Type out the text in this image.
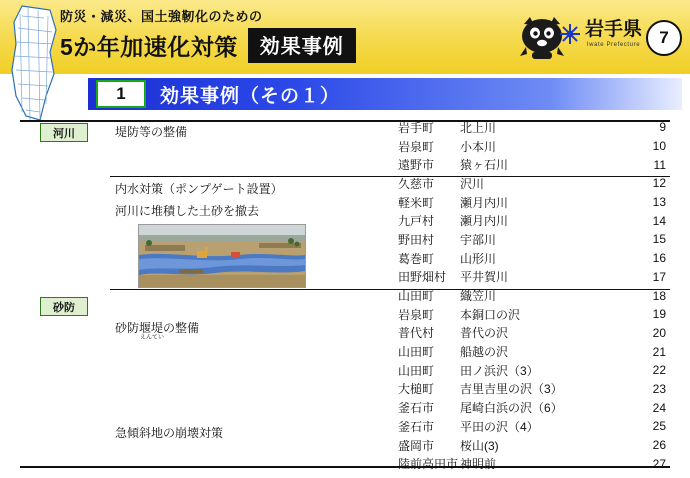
防災・減災、国土強靭化のための
5か年加速化対策	効果事例
岩手県
Iwate Prefecture	7
1	効果事例（その１）
河川
砂防
堤防等の整備
内水対策（ポンプゲート設置）
河川に堆積した土砂を撤去
砂防堰堤の整備
えんてい
急傾斜地の崩壊対策
岩手町	北上川	9
岩泉町	小本川	10
遠野市	猿ヶ石川	11
久慈市	沢川	12
軽米町	瀬月内川	13
九戸村	瀬月内川	14
野田村	宇部川	15
葛巻町	山形川	16
田野畑村	平井賀川	17
山田町	織笠川	18
岩泉町	本銅口の沢	19
普代村	普代の沢	20
山田町	船越の沢	21
山田町	田ノ浜沢（3）	22
大槌町	吉里吉里の沢（3）	23
釜石市	尾崎白浜の沢（6）	24
釜石市	平田の沢（4）	25
盛岡市	桜山(3)	26
陸前高田市 神明前	27
